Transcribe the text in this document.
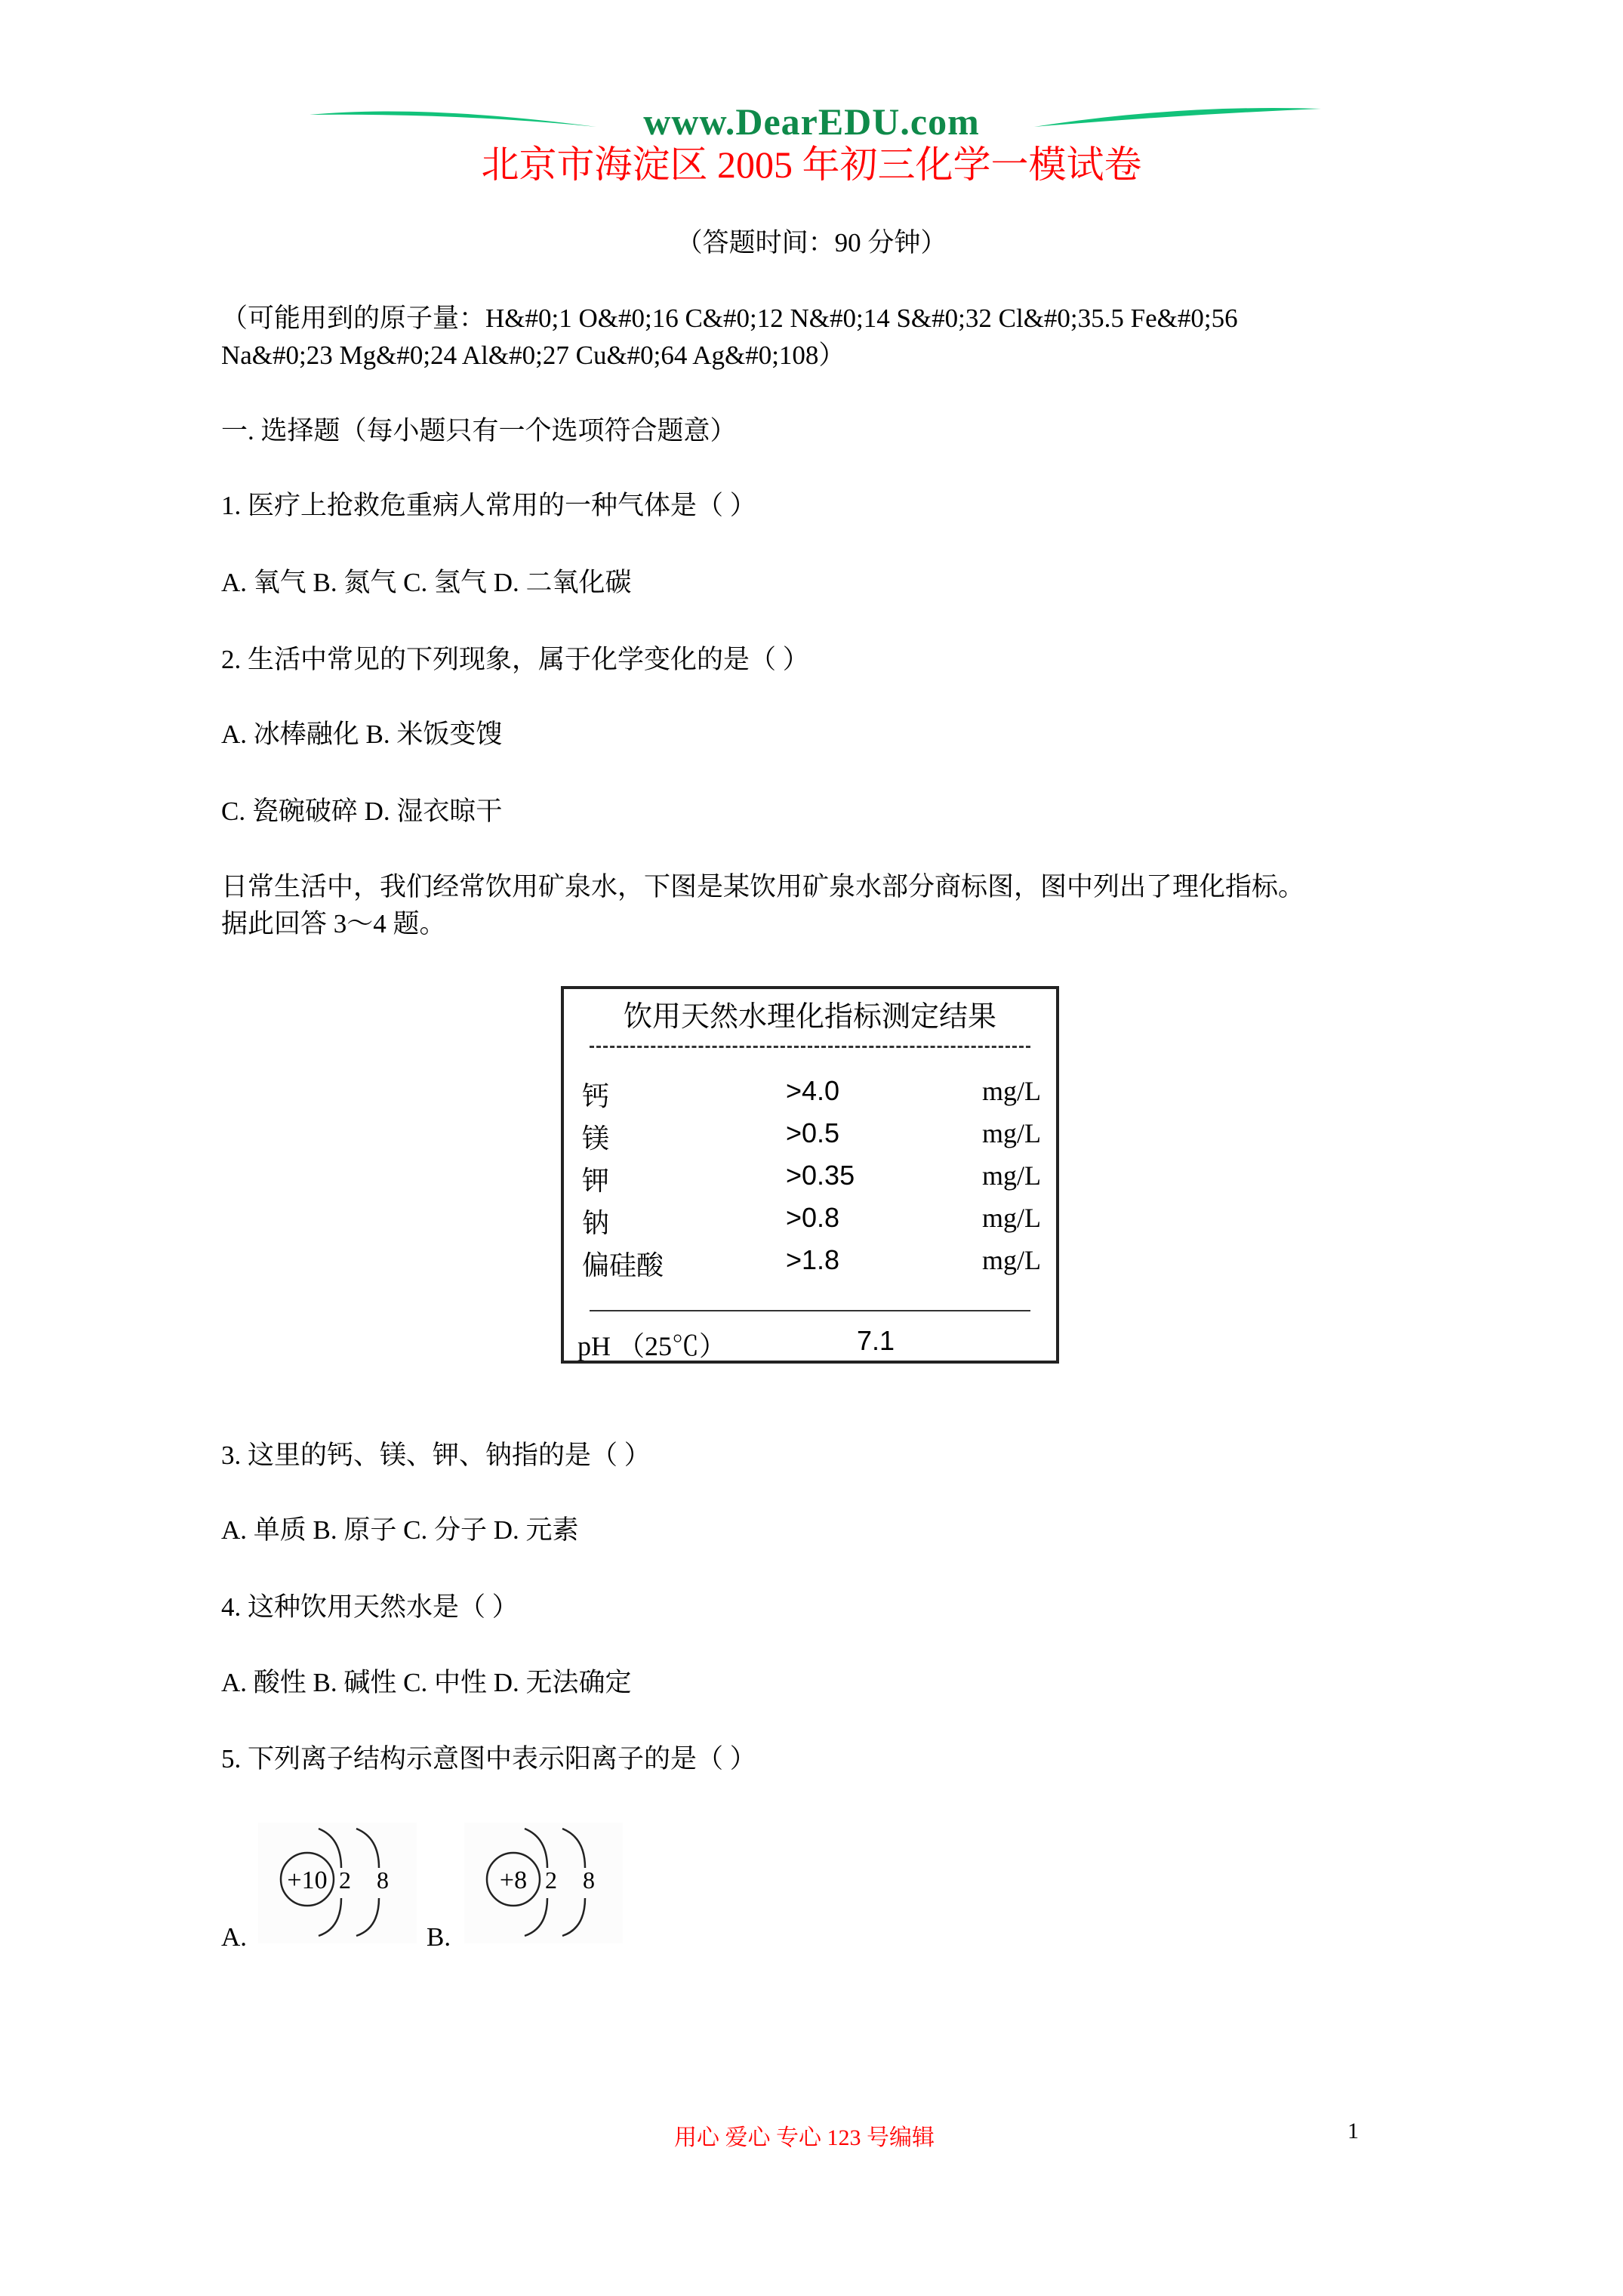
www.DearEDU.com
北京市海淀区 2005 年初三化学一模试卷
（答题时间：90 分钟）
（可能用到的原子量：H&#0;1 O&#0;16 C&#0;12 N&#0;14 S&#0;32 Cl&#0;35.5 Fe&#0;56
Na&#0;23 Mg&#0;24 Al&#0;27 Cu&#0;64 Ag&#0;108）
一. 选择题（每小题只有一个选项符合题意）
1. 医疗上抢救危重病人常用的一种气体是（ ）
A. 氧气 B. 氮气 C. 氢气 D. 二氧化碳
2. 生活中常见的下列现象，属于化学变化的是（ ）
A. 冰棒融化 B. 米饭变馊
C. 瓷碗破碎 D. 湿衣晾干
日常生活中，我们经常饮用矿泉水，下图是某饮用矿泉水部分商标图，图中列出了理化指标。
据此回答 3～4 题。
饮用天然水理化指标测定结果
钙	>4.0	mg/L
镁	>0.5	mg/L
钾	>0.35	mg/L
钠	>0.8	mg/L
偏硅酸	>1.8	mg/L
pH （25℃）	7.1
3. 这里的钙、镁、钾、钠指的是（ ）
A. 单质 B. 原子 C. 分子 D. 元素
4. 这种饮用天然水是（ ）
A. 酸性 B. 碱性 C. 中性 D. 无法确定
5. 下列离子结构示意图中表示阳离子的是（ ）
A.
+10 2 8
B.
+8 2 8
用心 爱心 专心 123 号编辑	1
